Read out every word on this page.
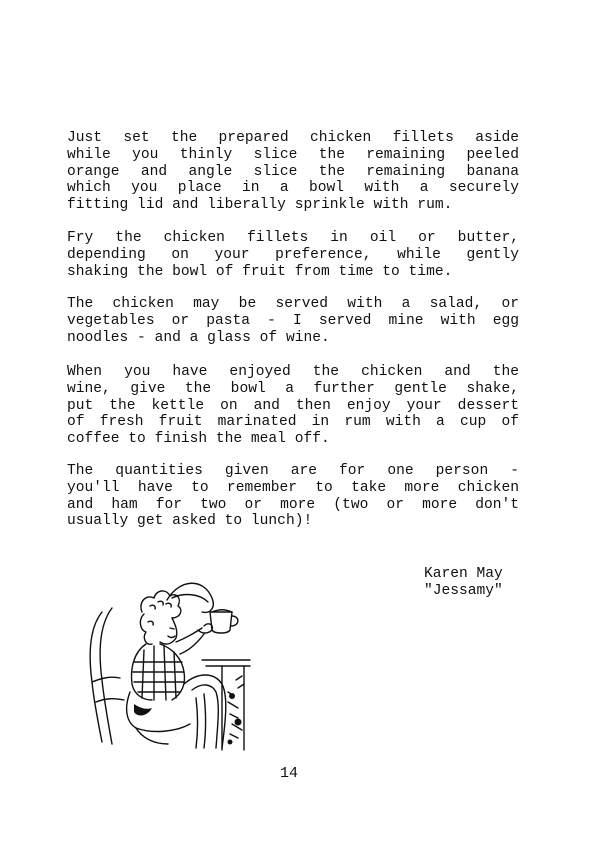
Just set the prepared chicken fillets aside
while you thinly slice the remaining peeled
orange and angle slice the remaining banana
which you place in a bowl with a securely
fitting lid and liberally sprinkle with rum.
Fry the chicken fillets in oil or butter,
depending on your preference, while gently
shaking the bowl of fruit from time to time.
The chicken may be served with a salad, or
vegetables or pasta - I served mine with egg
noodles - and a glass of wine.
When you have enjoyed the chicken and the
wine, give the bowl a further gentle shake,
put the kettle on and then enjoy your dessert
of fresh fruit marinated in rum with a cup of
coffee to finish the meal off.
The quantities given are for one person -
you'll have to remember to take more chicken
and ham for two or more (two or more don't
usually get asked to lunch)!
Karen May
"Jessamy"
14
